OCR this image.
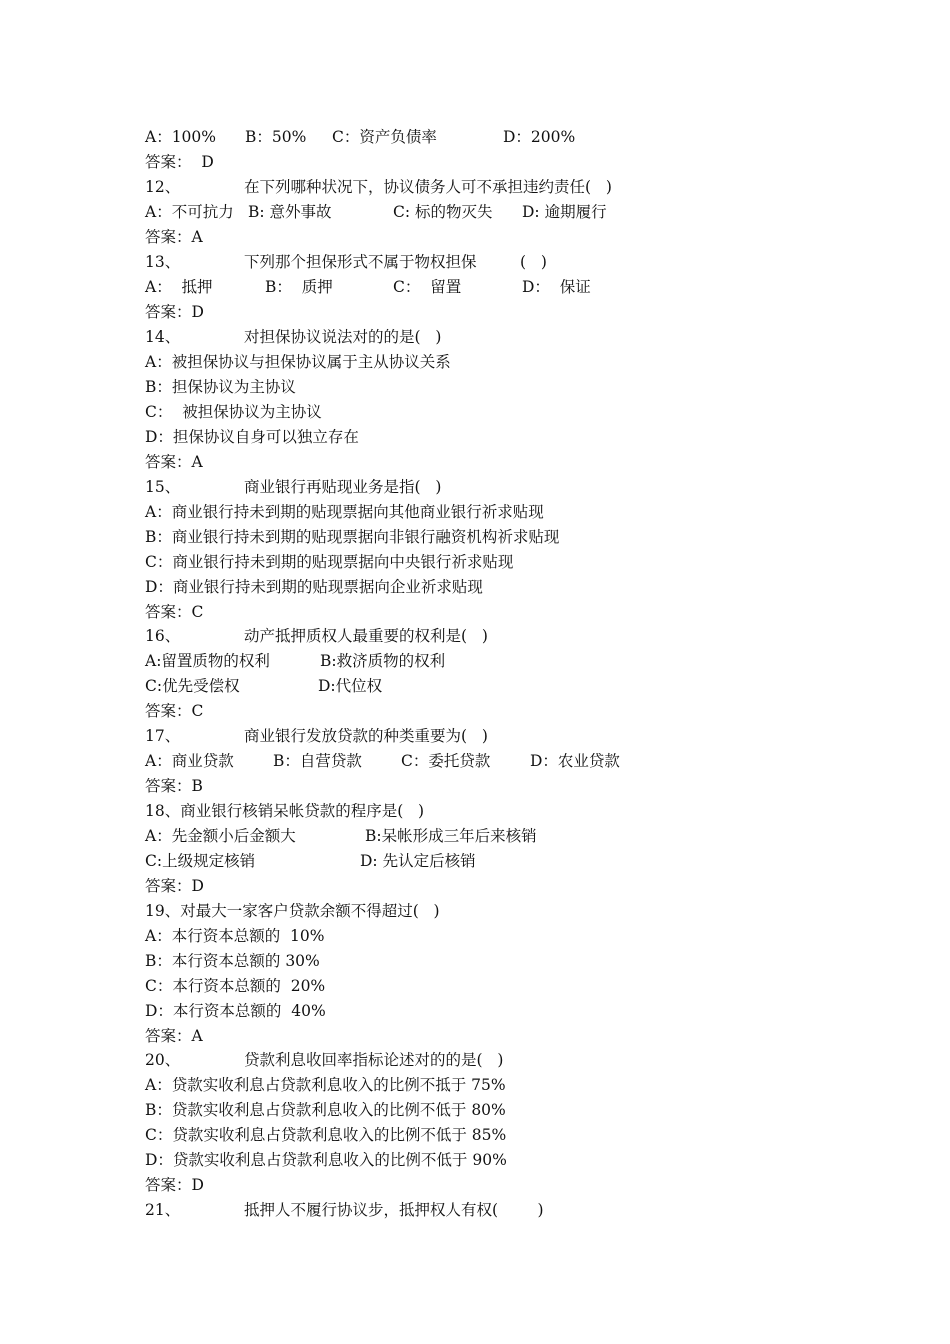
A：100%

B：50%

C：资产负债率

	D：200%

答案：  D

12、

	在下列哪种状况下，协议债务人可不承担违约责任(   )

A：不可抗力

B: 意外事故

	C: 标的物灭失

D: 逾期履行

答案：A

13、

	下列那个担保形式不属于物权担保

	(   )

A：  抵押

	B：  质押

	C：  留置

	D：  保证

答案：D

14、

	对担保协议说法对的的是(   )

A：被担保协议与担保协议属于主从协议关系

B：担保协议为主协议

C：  被担保协议为主协议

D：担保协议自身可以独立存在

答案：A

15、

	商业银行再贴现业务是指(   )

A：商业银行持未到期的贴现票据向其他商业银行祈求贴现

B：商业银行持未到期的贴现票据向非银行融资机构祈求贴现

C：商业银行持未到期的贴现票据向中央银行祈求贴现

D：商业银行持未到期的贴现票据向企业祈求贴现

答案：C

16、

	动产抵押质权人最重要的权利是(   )

A:留置质物的权利

	B:救济质物的权利

C:优先受偿权

	D:代位权

答案：C

17、

	商业银行发放贷款的种类重要为(   )

A：商业贷款

	B：自营贷款

	C：委托贷款

	D：农业贷款

答案：B

18、商业银行核销呆帐贷款的程序是(   )

A：先金额小后金额大

	B:呆帐形成三年后来核销

C:上级规定核销

	D: 先认定后核销

答案：D

19、对最大一家客户贷款余额不得超过(   )

A：本行资本总额的  10%

B：本行资本总额的 30%

C：本行资本总额的  20%

D：本行资本总额的  40%

答案：A

20、

	贷款利息收回率指标论述对的的是(   )

A：贷款实收利息占贷款利息收入的比例不抵于 75%

B：贷款实收利息占贷款利息收入的比例不低于 80%

C：贷款实收利息占贷款利息收入的比例不低于 85%

D：贷款实收利息占贷款利息收入的比例不低于 90%

答案：D

21、

	抵押人不履行协议步，抵押权人有权(        )
